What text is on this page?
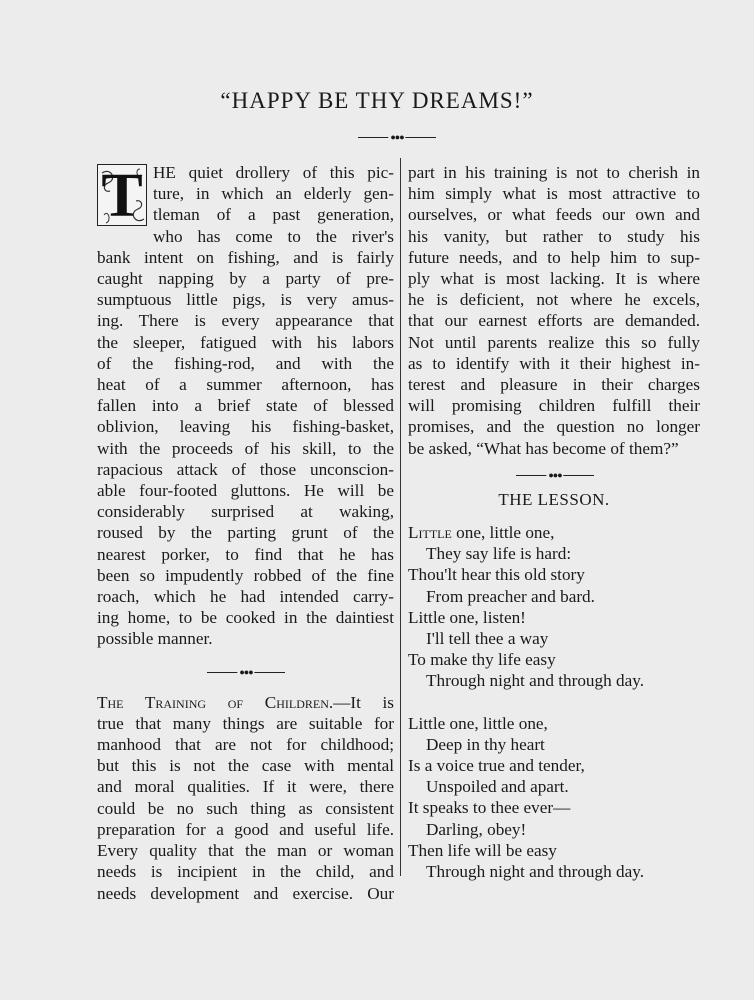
“HAPPY BE THY DREAMS!”
●●●
T HE quiet drollery of this pic-
ture, in which an elderly gen-
tleman of a past generation,
who has come to the river's
bank intent on fishing, and is fairly
caught napping by a party of pre-
sumptuous little pigs, is very amus-
ing. There is every appearance that
the sleeper, fatigued with his labors
of the fishing-rod, and with the
heat of a summer afternoon, has
fallen into a brief state of blessed
oblivion, leaving his fishing-basket,
with the proceeds of his skill, to the
rapacious attack of those unconscion-
able four-footed gluttons. He will be
considerably surprised at waking,
roused by the parting grunt of the
nearest porker, to find that he has
been so impudently robbed of the fine
roach, which he had intended carry-
ing home, to be cooked in the daintiest
possible manner.
●●●
The Training of Children.—It is
true that many things are suitable for
manhood that are not for childhood;
but this is not the case with mental
and moral qualities. If it were, there
could be no such thing as consistent
preparation for a good and useful life.
Every quality that the man or woman
needs is incipient in the child, and
needs development and exercise. Our
part in his training is not to cherish in
him simply what is most attractive to
ourselves, or what feeds our own and
his vanity, but rather to study his
future needs, and to help him to sup-
ply what is most lacking. It is where
he is deficient, not where he excels,
that our earnest efforts are demanded.
Not until parents realize this so fully
as to identify with it their highest in-
terest and pleasure in their charges
will promising children fulfill their
promises, and the question no longer
be asked, “What has become of them?”
●●●
THE LESSON.
Little one, little one,
They say life is hard:
Thou'lt hear this old story
From preacher and bard.
Little one, listen!
I'll tell thee a way
To make thy life easy
Through night and through day.
Little one, little one,
Deep in thy heart
Is a voice true and tender,
Unspoiled and apart.
It speaks to thee ever—
Darling, obey!
Then life will be easy
Through night and through day.
